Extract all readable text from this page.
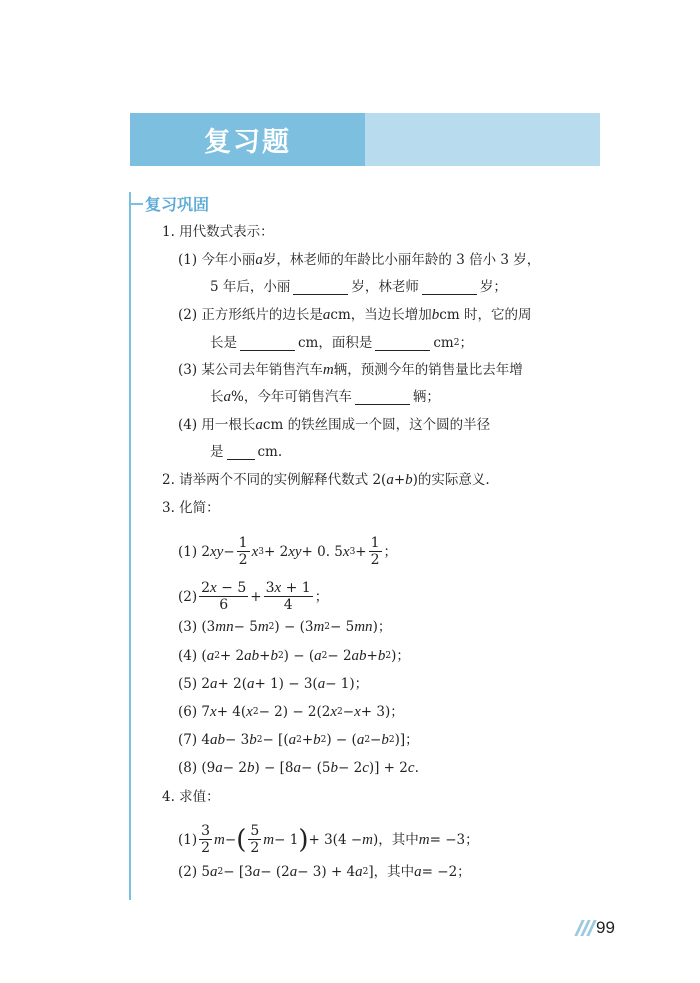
复习题
复习巩固
1. 用代数式表示：
(1) 今年小丽 a 岁，林老师的年龄比小丽年龄的 3 倍小 3 岁，
5 年后，小丽	岁，林老师	岁；
(2) 正方形纸片的边长是 a cm，当边长增加 b cm 时，它的周
长是	cm，面积是	cm 2 ；
(3) 某公司去年销售汽车 m 辆，预测今年的销售量比去年增
长 a %，今年可销售汽车	辆；
(4) 用一根长 a cm 的铁丝围成一个圆，这个圆的半径
是	cm.
2. 请举两个不同的实例解释代数式 2( a + b )的实际意义.
3. 化简：
(1) 2 xy − $\frac{1}{2}$ x 3 + 2 xy + 0. 5 x $3 + \frac{1}{2}$ ；
$(2) \frac{2x - 5}{6} + \frac{3x + 1}{4}$ ；
(3) (3 mn − 5 m 2 ) − (3 m 2 − 5 mn )；
(4) ( a 2 + 2 ab + b 2 ) − ( a 2 − 2 ab + b 2 )；
(5) 2 a + 2( a + 1) − 3( a − 1)；
(6) 7 x + 4( x 2 − 2) − 2(2 x 2 − x + 3)；
(7) 4 ab − 3 b 2 − [( a 2 + b 2 ) − ( a 2 − b 2 )]；
(8) (9 a − 2 b ) − [8 a − (5 b − 2 c )] + 2 c .
4. 求值：
$(1) \frac{3}{2}$ m − ( $\frac{5}{2}$ m − 1 ) + 3(4 − m )，其中 m = −3；
(2) 5 a 2 − [3 a − (2 a − 3) + 4 a 2 ]，其中 a = −2；
99
